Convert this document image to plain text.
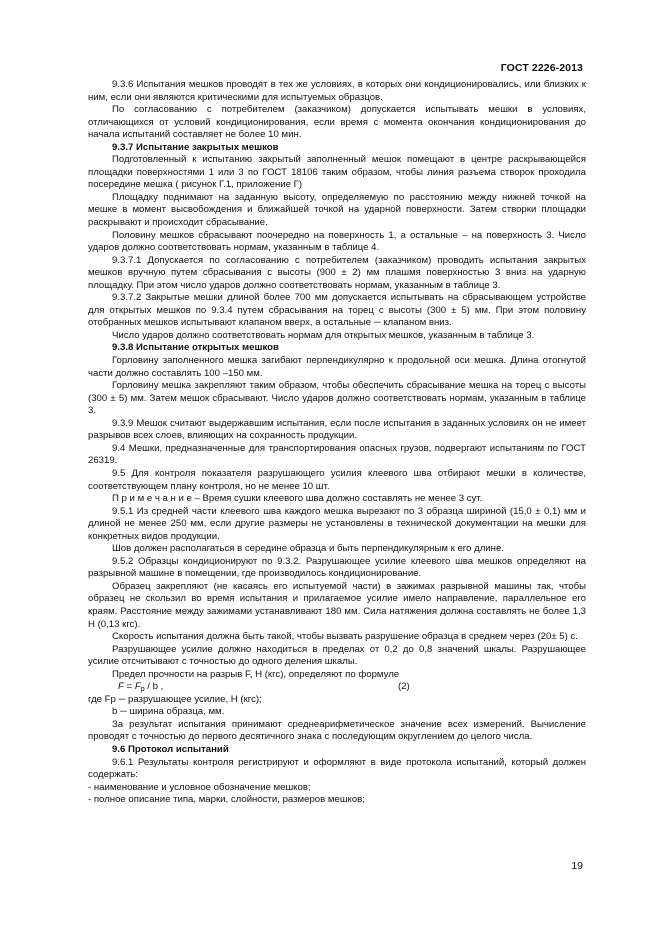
ГОСТ 2226-2013

9.3.6 Испытания мешков проводят в тех же условиях, в которых они кондиционировались, или близких к ним, если они являются критическими для испытуемых образцов.

По согласованию с потребителем (заказчиком) допускается испытывать мешки в условиях, отличающихся от условий кондиционирования, если время с момента окончания кондиционирования до начала испытаний составляет не более 10 мин.

9.3.7 Испытание закрытых мешков

Подготовленный к испытанию закрытый заполненный мешок помещают в центре раскрывающейся площадки поверхностями 1 или 3 по ГОСТ 18106 таким образом, чтобы линия разъема створок проходила посередине мешка ( рисунок Г.1, приложение Г)

Площадку поднимают на заданную высоту, определяемую по расстоянию между нижней точкой на мешке в момент высвобождения и ближайшей точкой на ударной поверхности. Затем створки площадки раскрывают и происходит сбрасывание.

Половину мешков сбрасывают поочередно на поверхность 1, а остальные – на поверхность 3. Число ударов должно соответствовать нормам, указанным в таблице 4.

9.3.7.1 Допускается по согласованию с потребителем (заказчиком) проводить испытания закрытых мешков вручную путем сбрасывания с высоты (900 ± 2) мм плашмя поверхностью 3 вниз на ударную площадку. При этом число ударов должно соответствовать нормам, указанным в таблице 3.

9.3.7.2 Закрытые мешки длиной более 700 мм допускается испытывать на сбрасывающем устройстве для открытых мешков по 9.3.4 путем сбрасывания на торец с высоты (300 ± 5) мм. При этом половину отобранных мешков испытывают клапаном вверх, а остальные ─ клапаном вниз.

Число ударов должно соответствовать нормам для открытых мешков, указанным в таблице 3.

9.3.8 Испытание открытых мешков

Горловину заполненного мешка загибают перпендикулярно к продольной оси мешка. Длина отогнутой части должно составлять 100 –150 мм.

Горловину мешка закрепляют таким образом, чтобы обеспечить сбрасывание мешка на торец с высоты (300 ± 5) мм. Затем мешок сбрасывают. Число ударов должно соответствовать нормам, указанным в таблице 3.

9.3.9 Мешок считают выдержавшим испытания, если после испытания в заданных условиях он не имеет разрывов всех слоев, влияющих на сохранность продукции.

9.4 Мешки, предназначенные для транспортирования опасных грузов, подвергают испытаниям по ГОСТ 26319.

9.5 Для контроля показателя разрушающего усилия клеевого шва отбирают мешки в количестве, соответствующем плану контроля, но не менее 10 шт.

П р и м е ч а н и е – Время сушки клеевого шва должно составлять не менее 3 сут.

9.5.1 Из средней части клеевого шва каждого мешка вырезают по 3 образца шириной (15,0 ± 0,1) мм и длиной не менее 250 мм, если другие размеры не установлены в технической документации на мешки для конкретных видов продукции.

Шов должен располагаться в середине образца и быть перпендикулярным к его длине.

9.5.2 Образцы кондиционируют по 9.3.2. Разрушающее усилие клеевого шва мешков определяют на разрывной машине в помещении, где производилось кондиционирование.

Образец закрепляют (не касаясь его испытуемой части) в зажимах разрывной машины так, чтобы образец не скользил во время испытания и прилагаемое усилие имело направление, параллельное его краям. Расстояние между зажимами устанавливают 180 мм. Сила натяжения должна составлять не более 1,3 Н (0,13 кгс).

Скорость испытания должна быть такой, чтобы вызвать разрушение образца в среднем через (20± 5) с.

Разрушающее усилие должно находиться в пределах от 0,2 до 0,8 значений шкалы. Разрушающее усилие отсчитывают с точностью до одного деления шкалы.

Предел прочности на разрыв F, Н (кгс), определяют по формуле

$F = F_р / b$ ,	(2)

где Fр ─ разрушающее усилие, Н (кгс);

b ─ ширина образца, мм.

За результат испытания принимают среднеарифметическое значение всех измерений. Вычисление проводят с точностью до первого десятичного знака с последующим округлением до целого числа.

9.6 Протокол испытаний

9.6.1 Результаты контроля регистрируют и оформляют в виде протокола испытаний, который должен содержать:

- наименование и условное обозначение мешков;

- полное описание типа, марки, слойности, размеров мешков;

19
